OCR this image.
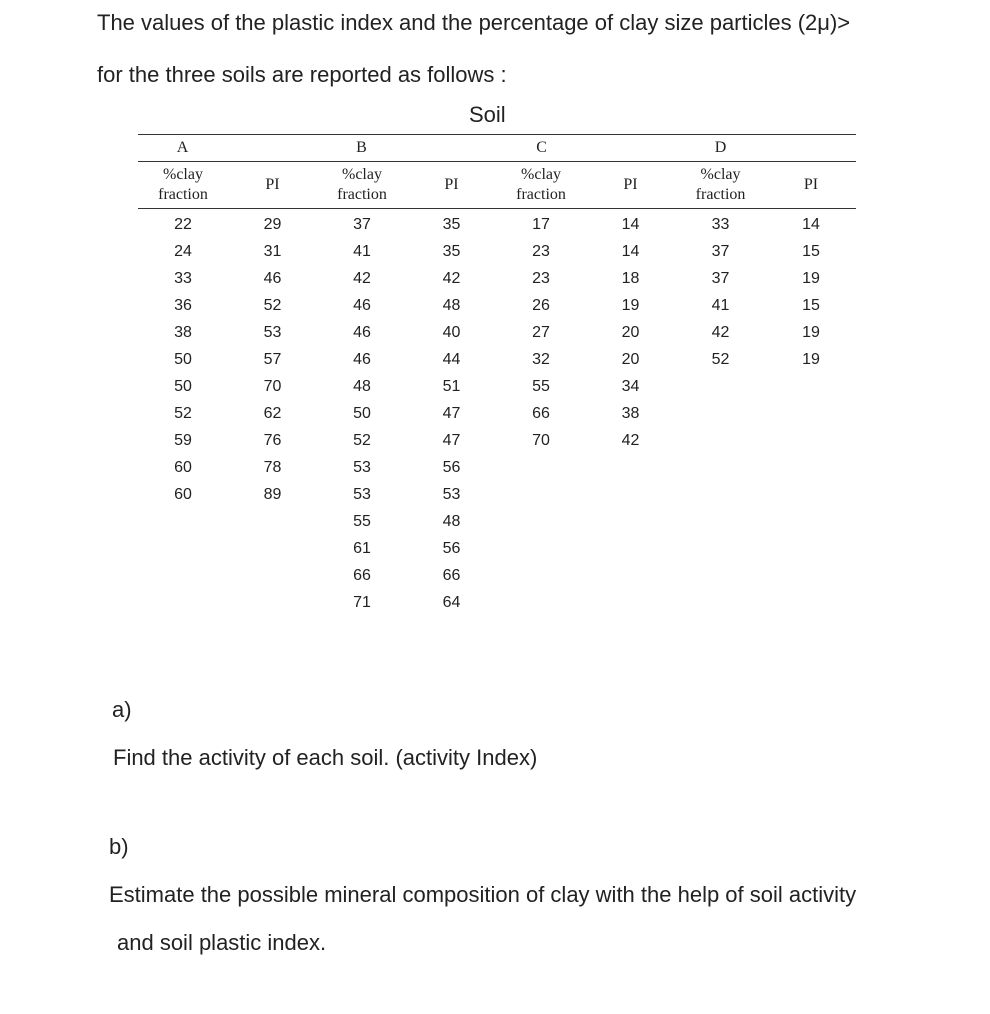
The values of the plastic index and the percentage of clay size particles (2μ)>
for the three soils are reported as follows :
Soil
A		B		C		D	
%clay fraction	PI	%clay fraction	PI	%clay fraction	PI	%clay fraction	PI
22	29	37	35	17	14	33	14
24	31	41	35	23	14	37	15
33	46	42	42	23	18	37	19
36	52	46	48	26	19	41	15
38	53	46	40	27	20	42	19
50	57	46	44	32	20	52	19
50	70	48	51	55	34		
52	62	50	47	66	38		
59	76	52	47	70	42		
60	78	53	56				
60	89	53	53				
		55	48				
		61	56				
		66	66				
		71	64				
a)
Find the activity of each soil. (activity Index)
b)
Estimate the possible mineral composition of clay with the help of soil activity
and soil plastic index.
